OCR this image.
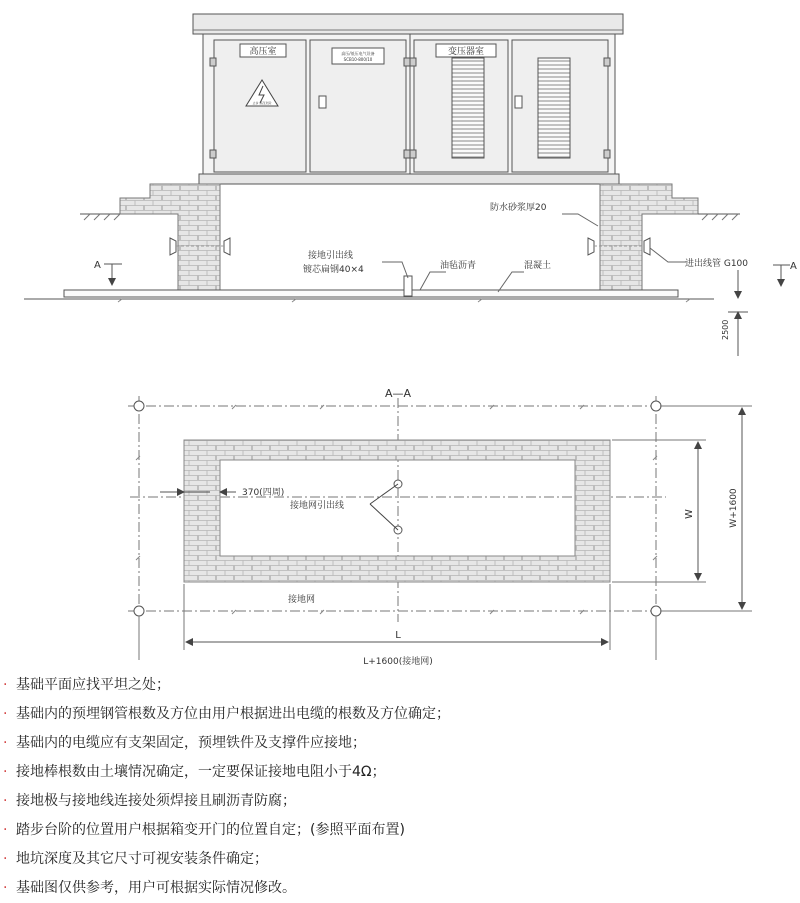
高压室	变压器室
高压/低压电气设备
SCB10-800/10
止步 高压危险
防水砂浆厚20
接地引出线
镀芯扁钢40×4	油毡沥青	混凝土	进出线管 G100
A	A
2500
A—A
370(四周)
接地网引出线
接地网
L
W	W+1600
L+1600(接地网)
· 基础平面应找平坦之处；
· 基础内的预埋钢管根数及方位由用户根据进出电缆的根数及方位确定；
· 基础内的电缆应有支架固定，预埋铁件及支撑件应接地；
· 接地棒根数由土壤情况确定，一定要保证接地电阻小于4Ω；
· 接地极与接地线连接处须焊接且刷沥青防腐；
· 踏步台阶的位置用户根据箱变开门的位置自定；(参照平面布置)
· 地坑深度及其它尺寸可视安装条件确定；
· 基础图仅供参考，用户可根据实际情况修改。
